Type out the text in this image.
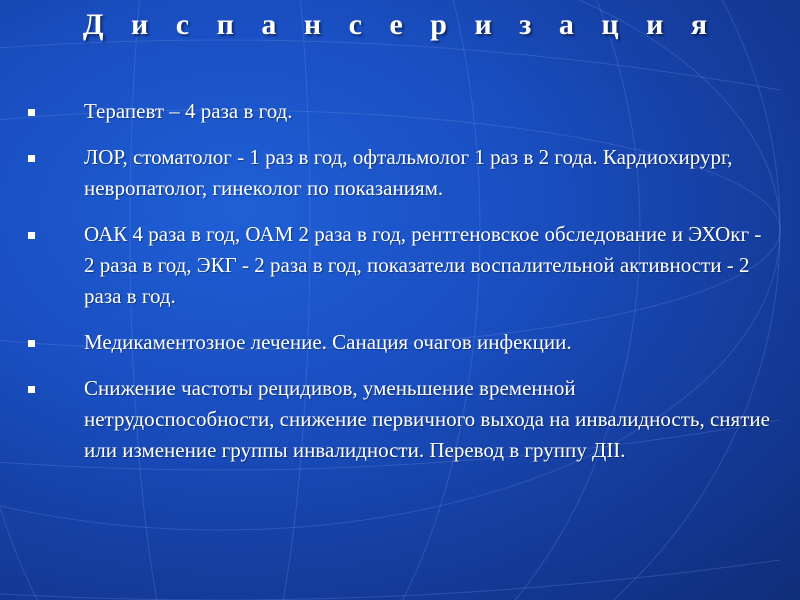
Д и с п а н с е р и з а ц и я
Терапевт – 4 раза в год.
ЛОР, стоматолог - 1 раз в год, офтальмолог 1 раз в 2 года. Кардиохирург, невропатолог, гинеколог по показаниям.
ОАК 4 раза в год, ОАМ 2 раза в год, рентгеновское обследование и ЭХОкг - 2 раза в год, ЭКГ - 2 раза в год, показатели воспалительной активности - 2 раза в год.
Медикаментозное лечение. Санация очагов инфекции.
Снижение частоты рецидивов, уменьшение временной нетрудоспособности, снижение первичного выхода на инвалидность, снятие или изменение группы инвалидности. Перевод в группу ДII.
